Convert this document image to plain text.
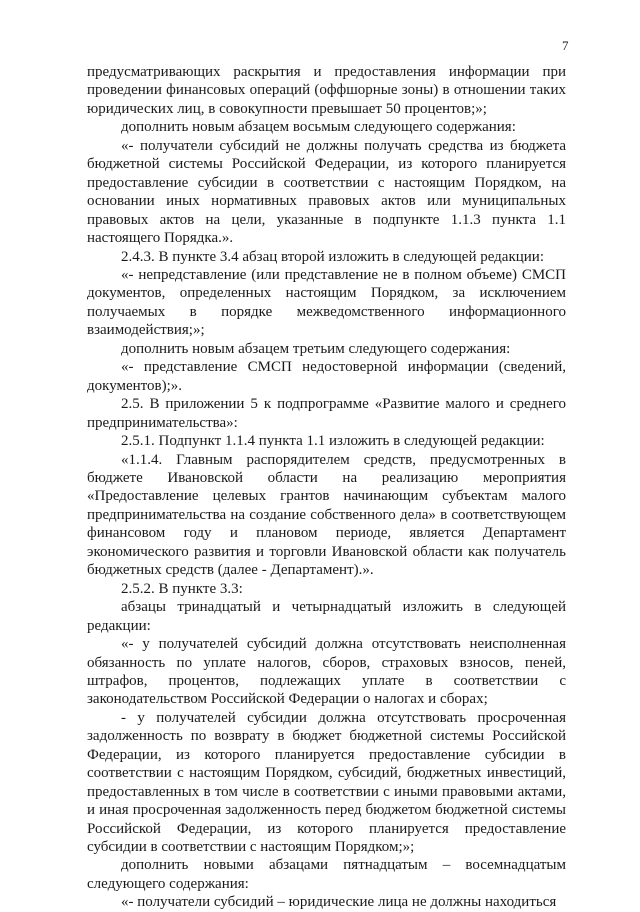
7

предусматривающих раскрытия и предоставления информации при проведении финансовых операций (оффшорные зоны) в отношении таких юридических лиц, в совокупности превышает 50 процентов;»;

дополнить новым абзацем восьмым следующего содержания:

«- получатели субсидий не должны получать средства из бюджета бюджетной системы Российской Федерации, из которого планируется предоставление субсидии в соответствии с настоящим Порядком, на основании иных нормативных правовых актов или муниципальных правовых актов на цели, указанные в подпункте 1.1.3 пункта 1.1 настоящего Порядка.».

2.4.3. В пункте 3.4 абзац второй изложить в следующей редакции:

«- непредставление (или представление не в полном объеме) СМСП документов, определенных настоящим Порядком, за исключением получаемых в порядке межведомственного информационного взаимодействия;»;

дополнить новым абзацем третьим следующего содержания:

«- представление СМСП недостоверной информации (сведений, документов);».

2.5. В приложении 5 к подпрограмме «Развитие малого и среднего предпринимательства»:

2.5.1. Подпункт 1.1.4 пункта 1.1 изложить в следующей редакции:

«1.1.4. Главным распорядителем средств, предусмотренных в бюджете Ивановской области на реализацию мероприятия «Предоставление целевых грантов начинающим субъектам малого предпринимательства на создание собственного дела» в соответствующем финансовом году и плановом периоде, является Департамент экономического развития и торговли Ивановской области как получатель бюджетных средств (далее - Департамент).».

2.5.2. В пункте 3.3:

абзацы тринадцатый и четырнадцатый изложить в следующей редакции:

«- у получателей субсидий должна отсутствовать неисполненная обязанность по уплате налогов, сборов, страховых взносов, пеней, штрафов, процентов, подлежащих уплате в соответствии с законодательством Российской Федерации о налогах и сборах;

- у получателей субсидии должна отсутствовать просроченная задолженность по возврату в бюджет бюджетной системы Российской Федерации, из которого планируется предоставление субсидии в соответствии с настоящим Порядком, субсидий, бюджетных инвестиций, предоставленных в том числе в соответствии с иными правовыми актами, и иная просроченная задолженность перед бюджетом бюджетной системы Российской Федерации, из которого планируется предоставление субсидии в соответствии с настоящим Порядком;»;

дополнить новыми абзацами пятнадцатым – восемнадцатым следующего содержания:

«- получатели субсидий – юридические лица не должны находиться
